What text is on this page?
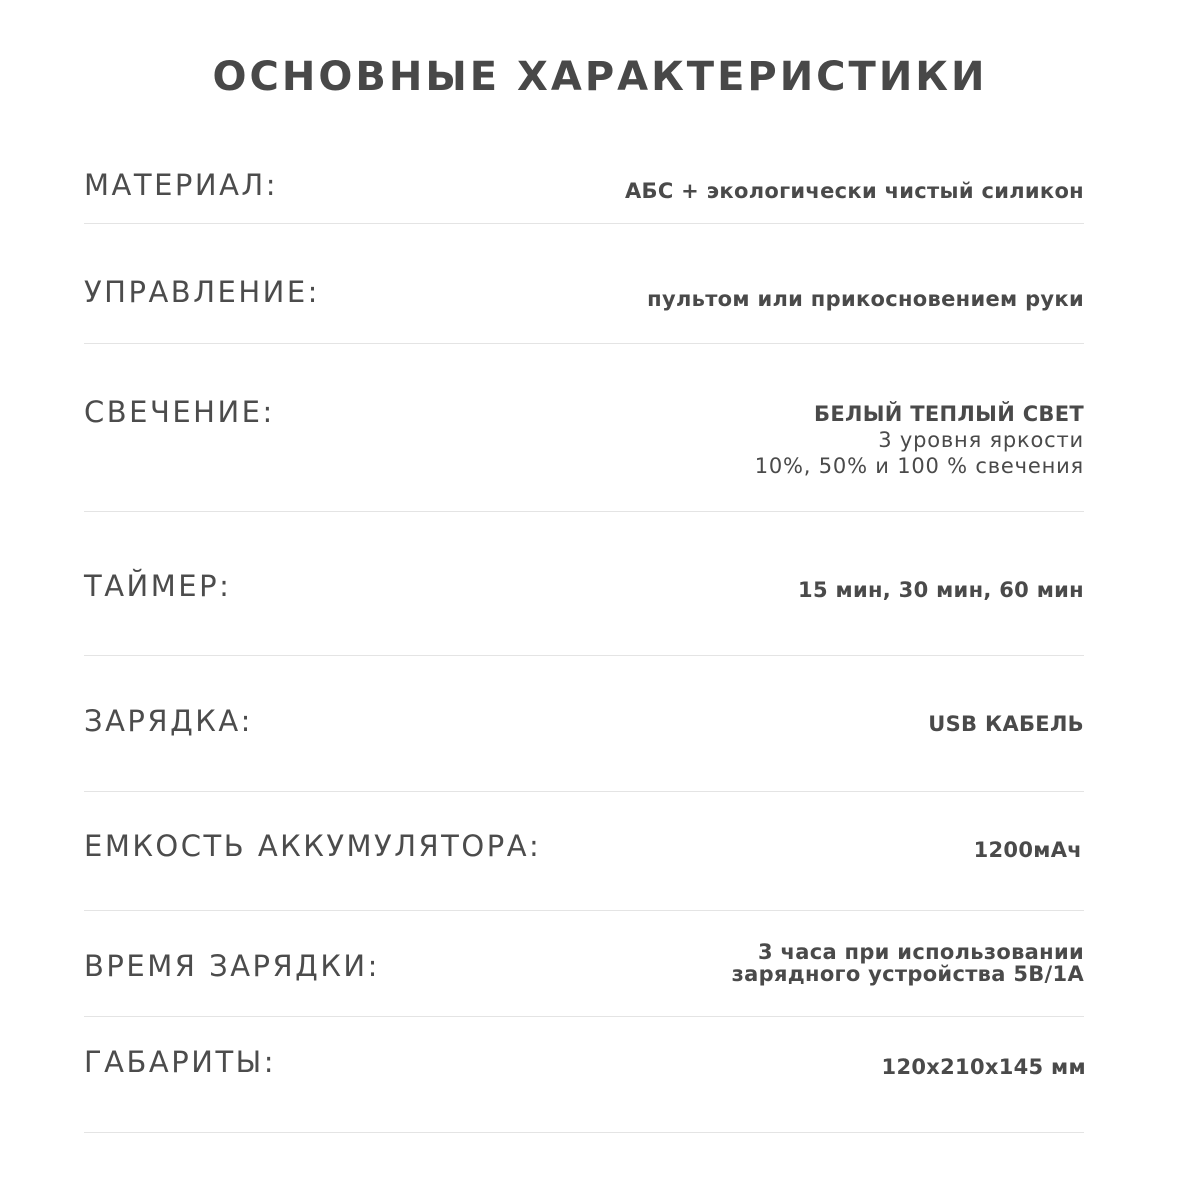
ОСНОВНЫЕ ХАРАКТЕРИСТИКИ
МАТЕРИАЛ:	АБС + экологически чистый силикон
УПРАВЛЕНИЕ:	пультом или прикосновением руки
СВЕЧЕНИЕ:	БЕЛЫЙ ТЕПЛЫЙ СВЕТ
3 уровня яркости
10%, 50% и 100 % свечения
ТАЙМЕР:	15 мин, 30 мин, 60 мин
ЗАРЯДКА:	USB КАБЕЛЬ
ЕМКОСТЬ АККУМУЛЯТОРА:	1200мАч
ВРЕМЯ ЗАРЯДКИ:	3 часа при использовании
зарядного устройства 5В/1А
ГАБАРИТЫ:	120x210x145 мм
